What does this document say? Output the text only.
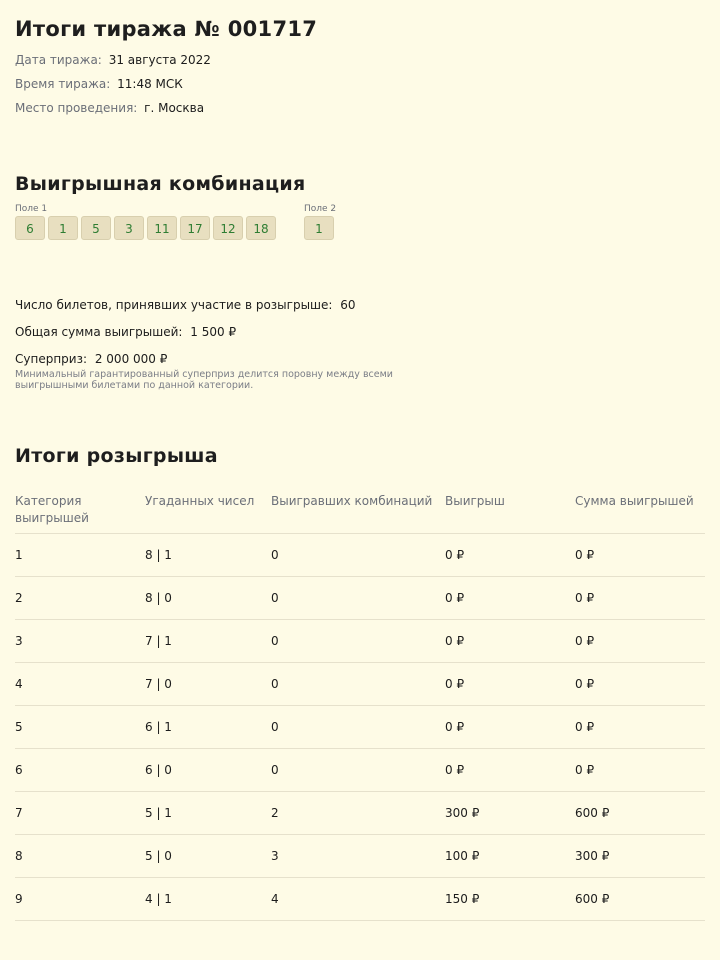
Итоги тиража № 001717
Дата тиража: 31 августа 2022
Время тиража: 11:48 МСК
Место проведения: г. Москва
Выигрышная комбинация
Поле 1
6	1	5	3	11	17	12	18
Поле 2
1
Число билетов, принявших участие в розыгрыше: 60
Общая сумма выигрышей: 1 500 ₽
Суперприз: 2 000 000 ₽
Минимальный гарантированный суперприз делится поровну между всеми выигрышными билетами по данной категории.
Итоги розыгрыша
Категория выигрышей	Угаданных чисел	Выигравших комбинаций	Выигрыш	Сумма выигрышей
1	8 | 1	0	0 ₽	0 ₽
2	8 | 0	0	0 ₽	0 ₽
3	7 | 1	0	0 ₽	0 ₽
4	7 | 0	0	0 ₽	0 ₽
5	6 | 1	0	0 ₽	0 ₽
6	6 | 0	0	0 ₽	0 ₽
7	5 | 1	2	300 ₽	600 ₽
8	5 | 0	3	100 ₽	300 ₽
9	4 | 1	4	150 ₽	600 ₽
